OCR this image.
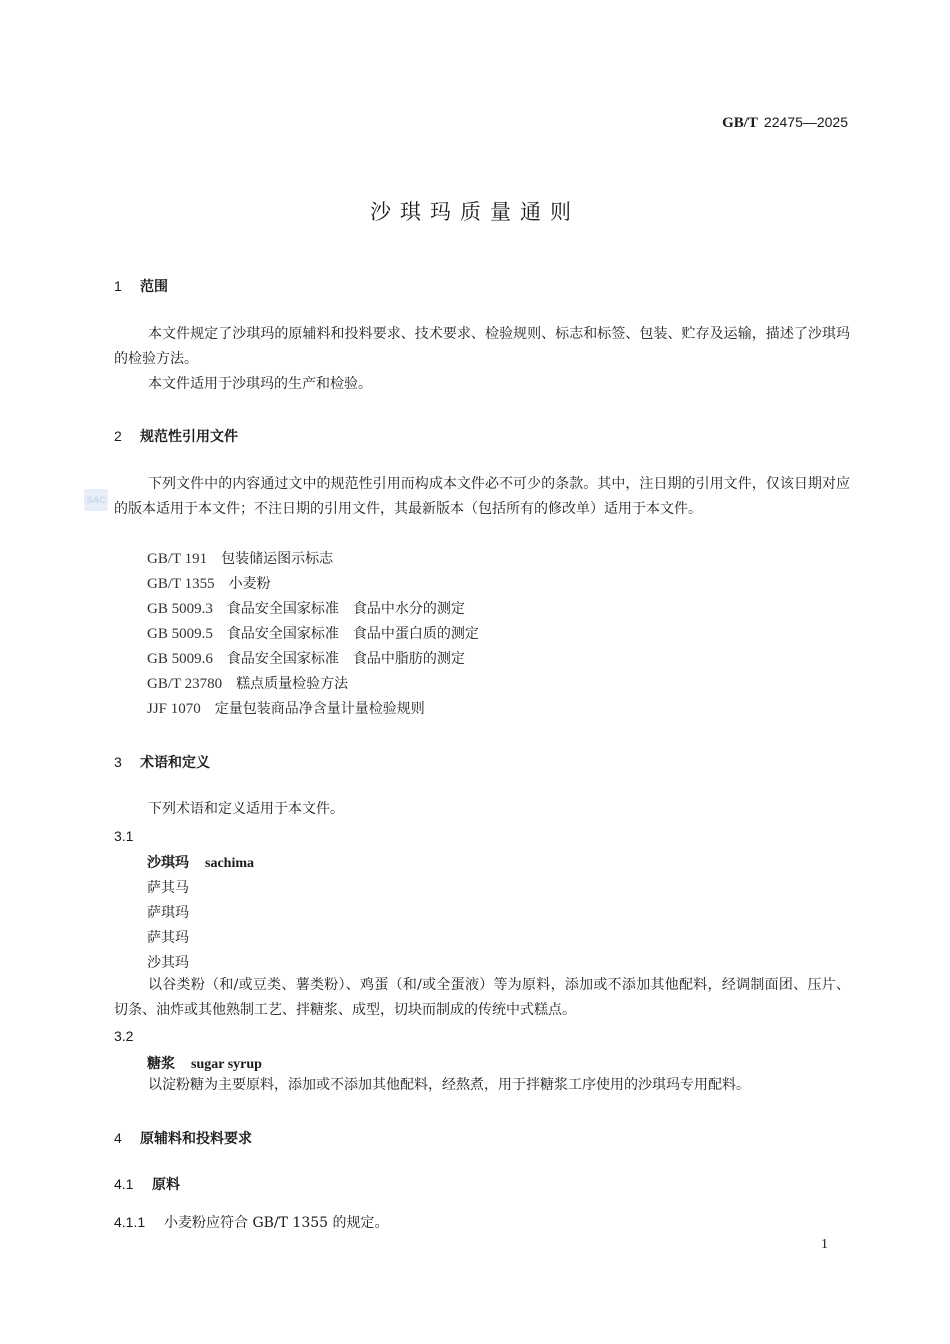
GB/T 22475—2025
沙琪玛质量通则
SAC
1 范围
本文件规定了沙琪玛的原辅料和投料要求、技术要求、检验规则、标志和标签、包装、贮存及运输，描述了沙琪玛的检验方法。
本文件适用于沙琪玛的生产和检验。
2 规范性引用文件
下列文件中的内容通过文中的规范性引用而构成本文件必不可少的条款。其中，注日期的引用文件，仅该日期对应的版本适用于本文件；不注日期的引用文件，其最新版本（包括所有的修改单）适用于本文件。
GB/T 191 包装储运图示标志
GB/T 1355 小麦粉
GB 5009.3 食品安全国家标准　食品中水分的测定
GB 5009.5 食品安全国家标准　食品中蛋白质的测定
GB 5009.6 食品安全国家标准　食品中脂肪的测定
GB/T 23780 糕点质量检验方法
JJF 1070 定量包装商品净含量计量检验规则
3 术语和定义
下列术语和定义适用于本文件。
3.1
沙琪玛 sachima
萨其马
萨琪玛
萨其玛
沙其玛
以谷类粉（和/或豆类、薯类粉）、鸡蛋（和/或全蛋液）等为原料，添加或不添加其他配料，经调制面团、压片、切条、油炸或其他熟制工艺、拌糖浆、成型，切块而制成的传统中式糕点。
3.2
糖浆 sugar syrup
以淀粉糖为主要原料，添加或不添加其他配料，经熬煮，用于拌糖浆工序使用的沙琪玛专用配料。
4 原辅料和投料要求
4.1 原料
4.1.1 小麦粉应符合 GB/T 1355 的规定。
1
